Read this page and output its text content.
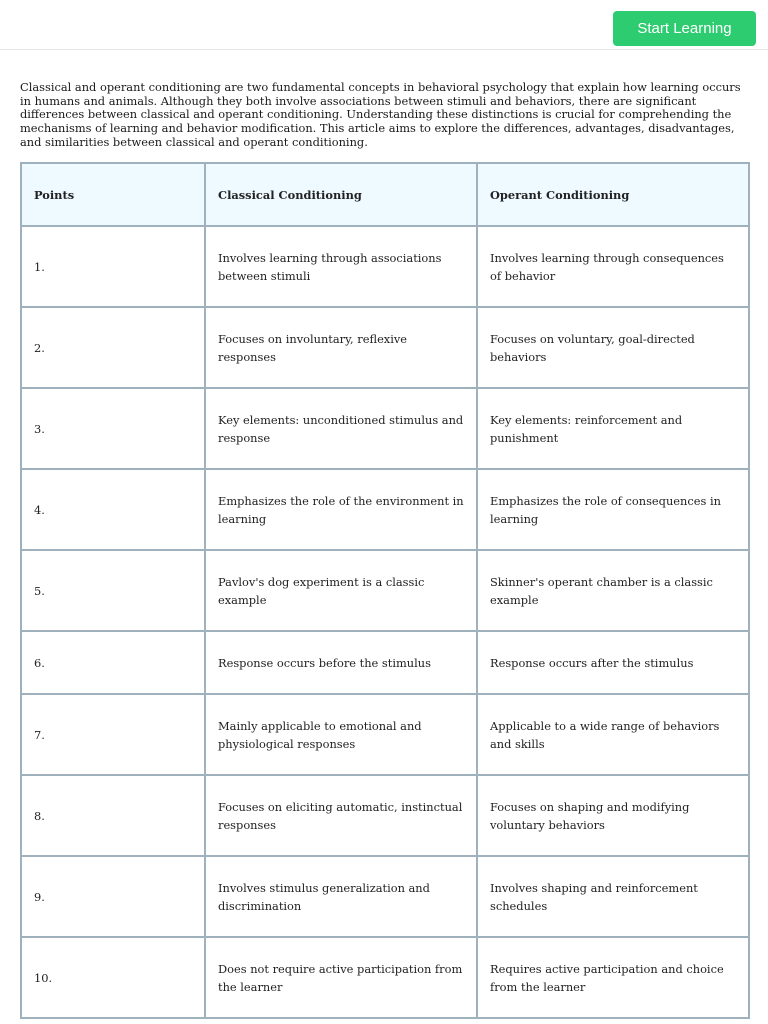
Start Learning

Classical and operant conditioning are two fundamental concepts in behavioral psychology that explain how learning occurs in humans and animals. Although they both involve associations between stimuli and behaviors, there are significant differences between classical and operant conditioning. Understanding these distinctions is crucial for comprehending the mechanisms of learning and behavior modification. This article aims to explore the differences, advantages, disadvantages, and similarities between classical and operant conditioning.

Points	Classical Conditioning	Operant Conditioning
1.	Involves learning through associations between stimuli	Involves learning through consequences of behavior
2.	Focuses on involuntary, reflexive responses	Focuses on voluntary, goal-directed behaviors
3.	Key elements: unconditioned stimulus and response	Key elements: reinforcement and punishment
4.	Emphasizes the role of the environment in learning	Emphasizes the role of consequences in learning
5.	Pavlov's dog experiment is a classic example	Skinner's operant chamber is a classic example
6.	Response occurs before the stimulus	Response occurs after the stimulus
7.	Mainly applicable to emotional and physiological responses	Applicable to a wide range of behaviors and skills
8.	Focuses on eliciting automatic, instinctual responses	Focuses on shaping and modifying voluntary behaviors
9.	Involves stimulus generalization and discrimination	Involves shaping and reinforcement schedules
10.	Does not require active participation from the learner	Requires active participation and choice from the learner
